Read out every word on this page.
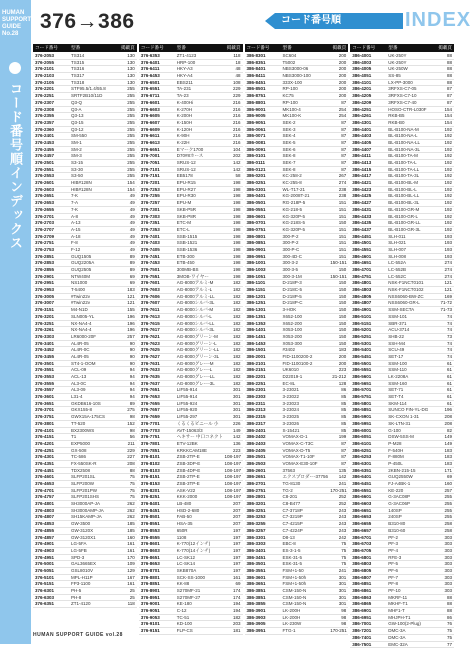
HUMAN
SUPPORT
GUIDE
No.28
コード番号順インデックス
376→386	コード番号順	INDEX
コード番号	型番	掲載頁
376-2053	TS314	130
376-2055	TS315	130
376-2101	TS316	130
376-2103	TS317	130
376-2105	TS318	130
376-2201	STF95.5/1.4/55.8	255
376-2251	SRTF2B10/11D	255
376-2307	Q3-Q	255
376-2308	Q3-A	255
376-2355	Q3-13	255
376-2357	Q3-15	255
376-2360	Q3-12	255
376-2401	SM-550	255
376-2453	SM-1	255
376-2455	SM-2	255
376-2457	SM-3	255
376-2501	S3-15	255
376-2551	S3-30	255
376-2553	S3-50	255
376-2601	HIB#128N	154
376-2603	HIB#128N	154
376-2651	7-K	49
376-2653	7-A	49
376-2655	7-K	49
376-2701	A-8	49
376-2703	A-13	49
376-2707	A-15	49
376-2709	A-18	49
376-2751	F-8	49
376-2753	F-12	49
376-2851	GUQ1505	89
376-2853	GUQ2205A	89
376-2855	GUQ2505	89
376-2901	NTW40M	69
376-2951	NS1000	69
376-2953	T-5400	183
376-3005	#Twin22v	121
376-3007	#Twin22v	121
376-3151	M4-N1D	155
376-3201	SLN005-YL	196
376-3251	NX-NA4-4	196
376-3261	NX-NA4-4	196
376-3303	LR6000-20F	257
376-3401	AL4R-05	90
376-3452	AL4R-0C	90
376-3455	AL4R-05	90
376-3501	ST4-1-OOM	90
376-3551	ACL-09	94
376-3553	ACL-13	94
376-3555	AL3-0C	94
376-3557	AL3-09	94
376-3601	L31-4	94
376-3651	GKDB616-10S	89
376-3701	GKX155-8	275
376-3751	GWX15A-175CS	98
376-3801	TT-520	152
376-4101	BX2300WS	98
376-4151	T1	56
376-4201	EXP5000	211
376-4251	GX-508	229
376-4301	TC-586	227
376-4351	FX-550SK-R	208
376-4451	TDX2508	88
376-4601	SLFP201SL	75
376-4653	SLFP200W	75
376-4701	SLFP201PW	75
376-4757	SLFP201SHS	75
376-4801	SH3000AP-JA	262
376-4803	SH3000AMP-JA	262
376-4807	SH15KAMP-JA	262
376-4853	GW-3500	185
376-4855	GW-3120X	185
376-4857	GW-3120X1	160
376-4901	LG-5FA	161
376-4903	LG-5FB	161
376-4951	SPD-3	170
376-5001	GAL3665EX	109
376-5051	GSL8010V	129
376-5101	MPL-H11P	167
376-5151	FP3-1100	161
376-6301	PH-5	25
376-6303	PH-8	25
376-6351	ZT1-4120	118
コード番号	型番	掲載頁
376-6353	ZT1-4123	118
376-6401	HRP-100	18
376-6411	HKY-A3	48
376-6453	HKY-A4	48
376-6501	EBS211	108
376-6551	TA-231	229
376-6711	TA-23	229
376-6601	K-400Hi	216
376-6603	K-270H	216
376-6605	K-200H	216
376-6607	K-150H	216
376-6609	K-120H	216
376-6611	K-90H	216
376-6613	K-22H	216
376-6651	Eマーク1700	104
376-7001	D70#8ホース	202
376-7051	SRUS-12	142
376-7101	SRUS-12	142
376-7151	EB5178	58
376-7201	EPU-R15	198
376-7253	EPU-R27	198
376-7255	EPU-R30	198
376-7257	EPU-M	198
376-7301	SKB-P5R	198
376-7303	SKB-P8R	198
376-7351	ETC-M	198
376-7353	ETC-L	198
376-7401	SSB-1515	198
376-7403	SSB-1521	198
376-7405	SSB-1536	198
376-7451	ETB-300	198
376-7453	ETB-450	198
376-7501	300MB-BS	198
376-7551	3MOB-ワイヤー	198
376-7601	AG-8000アルミ-M	182
376-7603	AG-8000アルミ-L	182
376-7606	AG-8000アルミ-LL	182
376-7607	AG-8000シルバ-3L	182
376-7611	AG-8000シルバ-M	182
376-7613	AG-8000シルバ-L	182
376-7615	AG-8000シルバ-LL	182
376-7617	AG-8000シルバ-3L	182
376-7621	AG-8000グリーン-M	182
376-7623	AG-8000グリーン-L	182
376-7625	AG-8000グリーン-LL	182
376-7627	AG-8000グリーン-3L	182
376-7631	AG-8000グレー-M	182
376-7633	AG-8000グレー-L	182
376-7635	AG-8000グレー-LL	182
376-7637	AG-8000グレー-3L	182
376-7651	LIF55-914	301
376-7653	LIF55-914	301
376-7655	LIF55-924	301
376-7657	LIF55-920	301
376-7659	LIF55-297	301
376-7701	くるくるビニール 小	226
376-7703	AVT-15063/3	149
376-7751	ヘキサー 中口コネクト	142
376-7801	ETV-12BK	136
376-7851	KRKKCAM18E	223
376-8101	ZSB-2TP-E	108-197
376-8102	ZSB-3DP-E	108-197
376-8103	ZSB-4DP-E	108-197
376-8151	ZSB-2TP-E	108-197
376-8153	ZSB-3TP-E	108-197
376-8201	ASK-V22	108-197
376-8251	KKK-2000	108-197
376-8401	LB-480	207
376-8451	HSD-2-680	207
376-8501	FAB-50	207
376-8551	HSA-35	207
376-8553	650R	197
376-8555	1108	197
376-8601	K-770(12インチ)	197
376-8603	K-770(14インチ)	197
376-8651	LC-SK12	197
376-8653	LC-SK14	197
376-8701	SKB870A	197
376-8801	SCK-SS-1000	161
376-8851	KK-88	69
376-8901	S270MF-21	174
376-8951	S270MF-27	174
376-9001	KE-180	194
376-9051	C-12	194
376-9053	TC-51	182
376-9101	KD-100	203
376-9151	FLP-CS	181
コード番号	型番	掲載頁
386-8301	SC604	200
386-8351	T5002	200
386-8401	NBS3000-06	200
386-8411	NBS3000-100	200
386-8451	333X-100	200
386-8501	RP-100	200
386-8751	KC75	200
386-8801	RP-100	87
386-9001	MK100-4	254
386-9005	MK100-K	254
386-9051	SEK-2	87
386-0061	SEK-3	87
386-0071	SEK-4	87
386-0081	SEK-5	87
386-0091	SEK-6	87
386-0101	SEK-8	87
386-0111	SEK-7	87
386-0121	SEK-8	87
386-0201	KC-258-2	267
386-0251	KC-255-8	274
386-0301	WL-T17-21	238
386-0401	KG-2008T-21	238
386-0501	RG-218P-5	151
386-0551	KG-218-5	151
386-0601	KG-320P-5	151
386-0701	KG-218S-5	150
386-0751	KG-320P-5	151
386-0801	300-P-2	151
386-0851	300-P-2	151
386-0901	300-P-C	151
386-0951	300-4D-C	151
386-1001	300-3-2	150-151
386-1003	300-3-5	150
386-1051	300-3-1M	150-151
386-1101	D-218P-3	150
386-1151	D-218C-5	150
386-1201	D-218P-5	150
386-1251	D-218P-C	150
386-1301	3-HOK	150
386-1351	X652-100	150
386-1353	X652-200	150
386-1401	X053-100	150
386-1451	X053-200	150
386-1453	X053-300	150
386-1501	#3402	183
386-2001	FID-1100200-2	200
386-2101	FID-1100100-2	200
386-2151	UK6010	223
386-2201	D22019-1	21-212
386-2251	EC-8L	128
386-2301	3-23021	86
386-2303	3-23022	85
386-2311	3-23023	85
386-2313	3-23024	85
386-2315	3-23025	85
386-2317	3-23026	85
386-2401	S-15421	85
386-2402	VOMAX-D-1	199
386-2403	VOMAX-C-T3C	87
386-2405	VOMAX-D-T5	87
386-2501	VOMAX-T1-10F	87
386-2503	VOMAX-E30-10F	87
386-2601	37563	135
386-2651	エクスプロダー-37756	142
386-2701	TG-8130	241
386-2751	TG-2	170-251
386-2801	C8-201	252
386-3201	C8-B477	252
386-3251	C7-3718P	243
386-3253	C7-3219P	243
386-3255	C7-4215P	243
386-3257	C7-4224P	243
386-3301	D8-13	242
386-3303	EBC-8	75
386-3401	ES-3-1-5	75
386-3451	ESK-31-5	75
386-3501	ESK-31-5	75
386-3551	FSM+1-50	241
386-3601	FSM+1-50h	301
386-3651	FSM+1-50h	301
386-3851	CSM-150-N	301
386-3851	CSM-150-N	301
386-3855	CSM-150-N	301
386-3901	LK-200H	98
386-3903	LK-200H	98
386-3905	LK-230W	98
386-3951	FTG-1	170-251
コード番号	型番	掲載頁
386-4001	UK-250Y	88
386-4003	UK-250Y	88
386-4005	UK-250W	88
386-4051	SS-85	88
386-4101	LX-PP-3000	88
386-4201	3RFXS-C7-05	87
386-4205	3RFXS-C7-10	87
386-4209	3RFXS-C7-40	87
386-4251	HOSO-CTR-L030F	154
386-4261	RKB-B5	154
386-4301	RKB-B0	154
386-4401	BL-B100-NA-M	192
386-4403	BL-B100-NA-L	192
386-4405	BL-B100-NA-LL	192
386-4407	BL-B100-NA-3L	192
386-4411	BL-B100-TA-M	192
386-4413	BL-B100-TA-L	192
386-4415	BL-B100-TA-LL	192
386-4417	BL-B100-TA-3L	192
386-4421	BL-B100-BL-M	192
386-4423	BL-B100-BL-L	192
386-4425	BL-B100-BL-LL	192
386-4427	BL-B100-BL-3L	192
386-4431	BL-B100-GR-M	192
386-4433	BL-B100-GR-L	192
386-4435	BL-B100-GR-LL	192
386-4437	BL-B100-GR-3L	192
386-4451	SLH-011	193
386-4501	SLH-021	193
386-4551	SLH-007	193
386-4601	SLH-008	193
386-4651	LC-552A	274
386-4701	LC-552B	274
386-4751	LC-552C	274
386-4801	NSK-F1NCT0101	121
386-4803	NSK-F1NCT0102	121
386-4805	NSS6060-BW-ZC	169
386-4807	NSS6060-GR-L	71-72
386-4901	SSM-SECTA	71-73
386-5101	SSM-101	74
386-5151	SBR-371	74
386-5201	ACU-3714	74
386-5251	SHB-22	73
386-5301	SSH-M4	74
386-5401	SCU-49	74
386-5451	SET-17	74
386-5501	SSM-100	61
386-5551	SSM-110	61
386-5601	LK-2208A	61
386-5651	SSM-160	61
386-5701	SET-71	61
386-5751	SET-T4	61
386-5801	SKM-114	61
386-5851	SUNCO FIN-YL-DG	196
386-5901	SK-CXON 1-31	208
386-5951	SK-LTN-31	208
386-6001	G-100	82
386-6051	DSW-5SS-M	149
386-6101	P-M28	149
386-6251	F-540H	183
386-6253	F-880M	183
386-6301	P-450L	183
386-6351	2KBN-215-15	171
386-6401	GUQ2550W	69
386-6451	FJ-A4BK-1	160
386-6551	KE-220	257
386-6601	G-3AC08P	255
386-6603	G-3AC06P	255
386-6651	140SP	255
386-6653	240SP	255
386-6655	B310-80	258
386-6657	B310-60	258
386-6701	PF-2	303
386-6703	PF-3	303
386-6705	PF-4	303
386-6801	RFE-3	303
386-6803	PF-5	303
386-6805	PF-6	303
386-6807	PF-7	303
386-6851	PF-8	303
386-6861	PF-10	303
386-6863	MKRF-11	88
386-6865	MKHF-T1	88
386-6901	MHF1-T	88
386-6951	MHJPH-T1	86
386-7001	GW-100(2-Plug)	76
386-7201	DMC-3A	75
386-7401	DMC-3A	75
386-7501	EMC-32A	77
HUMAN SUPPORT GUIDE vol.28
